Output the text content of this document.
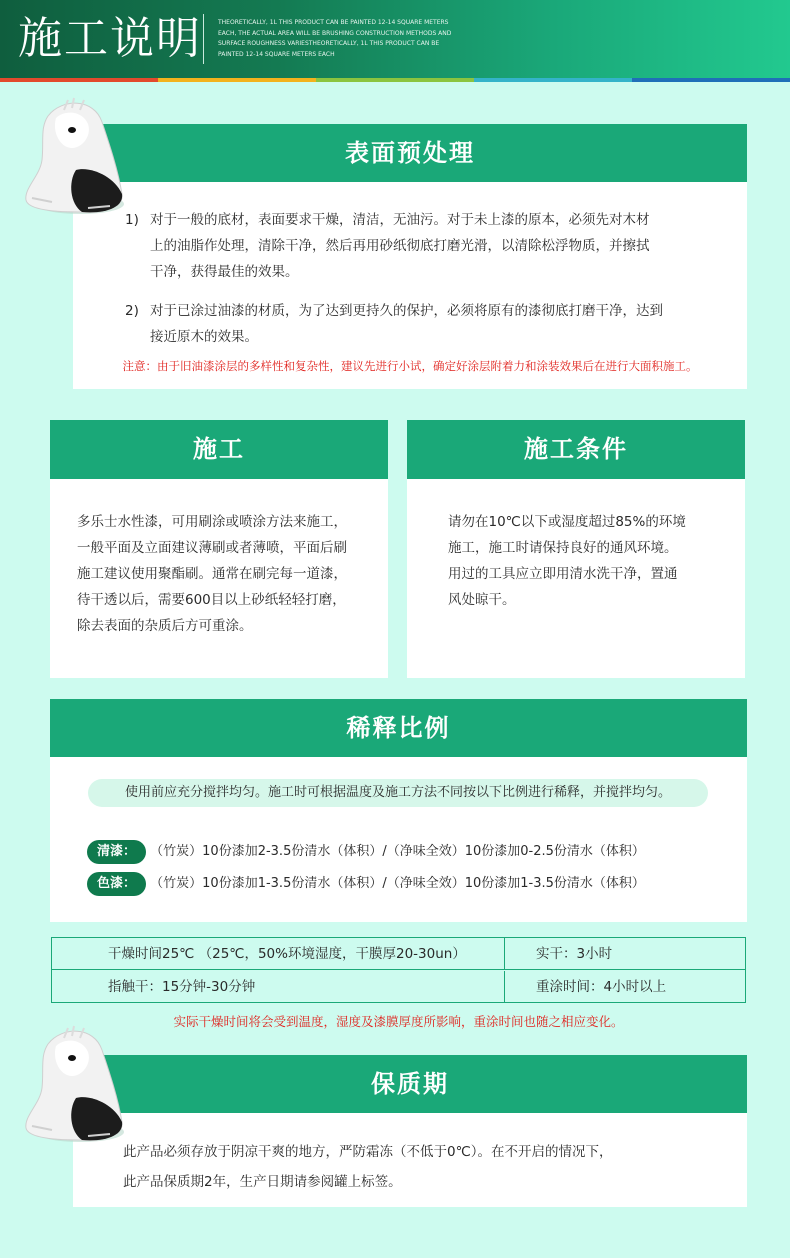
施工说明	THEORETICALLY, 1L THIS PRODUCT CAN BE PAINTED 12-14 SQUARE METERS EACH, THE ACTUAL AREA WILL BE BRUSHING CONSTRUCTION METHODS AND SURFACE ROUGHNESS VARIESTHEORETICALLY, 1L THIS PRODUCT CAN BE PAINTED 12-14 SQUARE METERS EACH
表面预处理
1) 对于一般的底材，表面要求干燥，清洁，无油污。对于未上漆的原本，必须先对木材
上的油脂作处理，清除干净，然后再用砂纸彻底打磨光滑，以清除松浮物质，并擦拭
干净，获得最佳的效果。
2) 对于已涂过油漆的材质，为了达到更持久的保护，必须将原有的漆彻底打磨干净，达到
接近原木的效果。
注意：由于旧油漆涂层的多样性和复杂性，建议先进行小试，确定好涂层附着力和涂装效果后在进行大面积施工。
施工
多乐士水性漆，可用刷涂或喷涂方法来施工，
一般平面及立面建议薄刷或者薄喷，平面后刷
施工建议使用聚酯刷。通常在刷完每一道漆，
待干透以后，需要600目以上砂纸轻轻打磨，
除去表面的杂质后方可重涂。
施工条件
请勿在10℃以下或湿度超过85%的环境
施工，施工时请保持良好的通风环境。
用过的工具应立即用清水洗干净，置通
风处晾干。
稀释比例
使用前应充分搅拌均匀。施工时可根据温度及施工方法不同按以下比例进行稀释，并搅拌均匀。
清漆： （竹炭）10份漆加2-3.5份清水（体积）/（净味全效）10份漆加0-2.5份清水（体积）
色漆： （竹炭）10份漆加1-3.5份清水（体积）/（净味全效）10份漆加1-3.5份清水（体积）
干燥时间25℃ （25℃，50%环境湿度，干膜厚20-30un）	实干：3小时
指触干：15分钟-30分钟	重涂时间：4小时以上
实际干燥时间将会受到温度，湿度及漆膜厚度所影响，重涂时间也随之相应变化。
保质期
此产品必须存放于阴凉干爽的地方，严防霜冻（不低于0℃）。在不开启的情况下，
此产品保质期2年，生产日期请参阅罐上标签。
